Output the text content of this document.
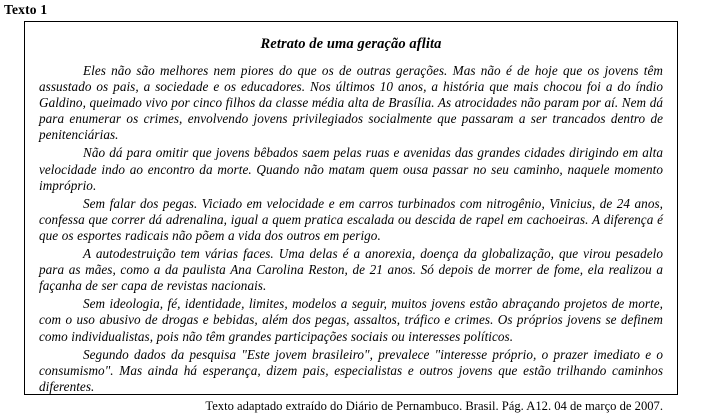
Texto 1
Retrato de uma geração aflita

Eles não são melhores nem piores do que os de outras gerações. Mas não é de hoje que os jovens têm assustado os pais, a sociedade e os educadores. Nos últimos 10 anos, a história que mais chocou foi a do índio Galdino, queimado vivo por cinco filhos da classe média alta de Brasília. As atrocidades não param por aí. Nem dá para enumerar os crimes, envolvendo jovens privilegiados socialmente que passaram a ser trancados dentro de penitenciárias.

Não dá para omitir que jovens bêbados saem pelas ruas e avenidas das grandes cidades dirigindo em alta velocidade indo ao encontro da morte. Quando não matam quem ousa passar no seu caminho, naquele momento impróprio.

Sem falar dos pegas. Viciado em velocidade e em carros turbinados com nitrogênio, Vinicius, de 24 anos, confessa que correr dá adrenalina, igual a quem pratica escalada ou descida de rapel em cachoeiras. A diferença é que os esportes radicais não põem a vida dos outros em perigo.

A autodestruição tem várias faces. Uma delas é a anorexia, doença da globalização, que virou pesadelo para as mães, como a da paulista Ana Carolina Reston, de 21 anos. Só depois de morrer de fome, ela realizou a façanha de ser capa de revistas nacionais.

Sem ideologia, fé, identidade, limites, modelos a seguir, muitos jovens estão abraçando projetos de morte, com o uso abusivo de drogas e bebidas, além dos pegas, assaltos, tráfico e crimes. Os próprios jovens se definem como individualistas, pois não têm grandes participações sociais ou interesses políticos.

Segundo dados da pesquisa "Este jovem brasileiro", prevalece "interesse próprio, o prazer imediato e o consumismo". Mas ainda há esperança, dizem pais, especialistas e outros jovens que estão trilhando caminhos diferentes.

Texto adaptado extraído do Diário de Pernambuco. Brasil. Pág. A12. 04 de março de 2007.
